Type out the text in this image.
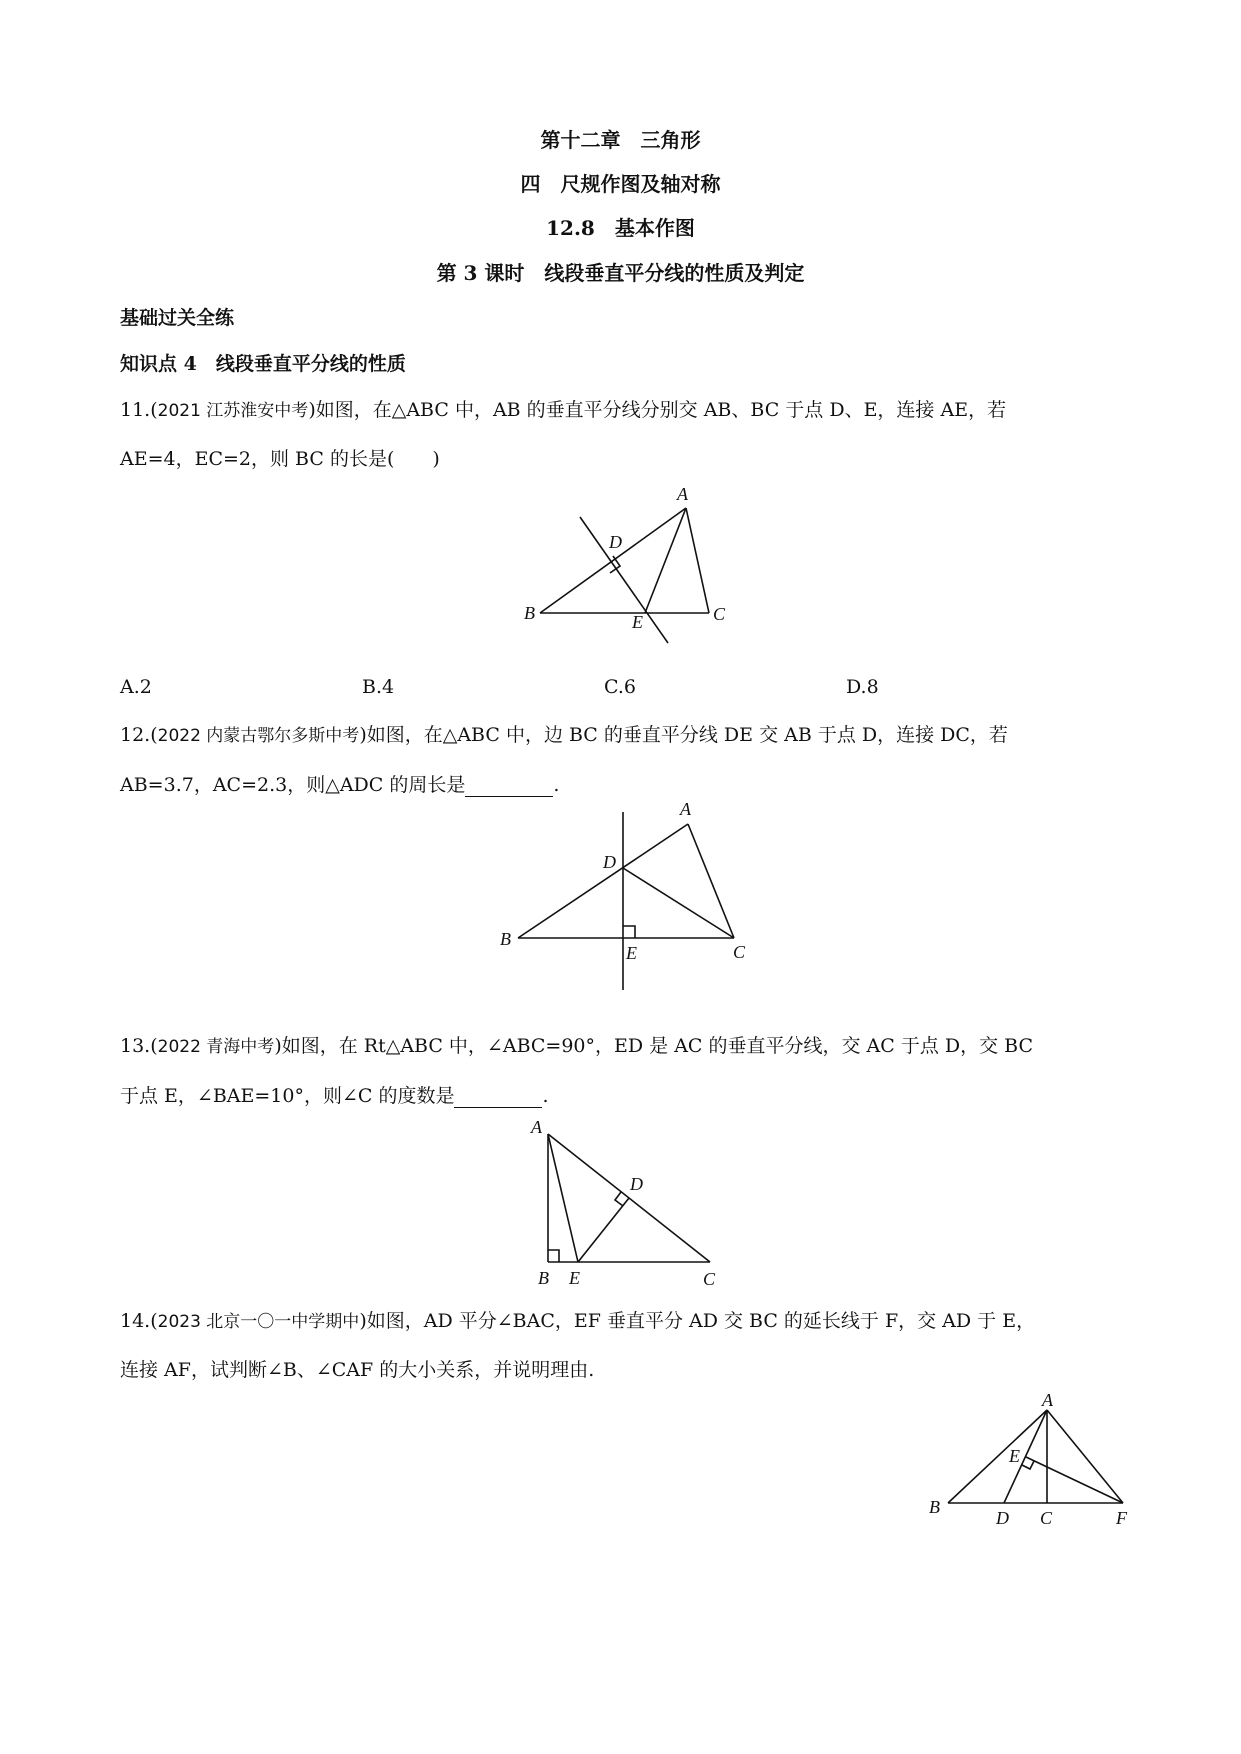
第十二章　三角形
四　尺规作图及轴对称
12.8　基本作图
第 3 课时　线段垂直平分线的性质及判定
基础过关全练
知识点 4　线段垂直平分线的性质
11.(2021 江苏淮安中考)如图，在△ABC 中，AB 的垂直平分线分别交 AB、BC 于点 D、E，连接 AE，若
AE=4，EC=2，则 BC 的长是(　　)
A
B	C
D
E
A.2	B.4	C.6	D.8
12.(2022 内蒙古鄂尔多斯中考)如图，在△ABC 中，边 BC 的垂直平分线 DE 交 AB 于点 D，连接 DC，若
AB=3.7，AC=2.3，则△ADC 的周长是	.
A
B
C
D
E
13.(2022 青海中考)如图，在 Rt△ABC 中，∠ABC=90°，ED 是 AC 的垂直平分线，交 AC 于点 D，交 BC
于点 E，∠BAE=10°，则∠C 的度数是	.
A
B	C
D
E
14.(2023 北京一〇一中学期中)如图，AD 平分∠BAC，EF 垂直平分 AD 交 BC 的延长线于 F，交 AD 于 E，
连接 AF，试判断∠B、∠CAF 的大小关系，并说明理由.
A
B
C
D
E
F
